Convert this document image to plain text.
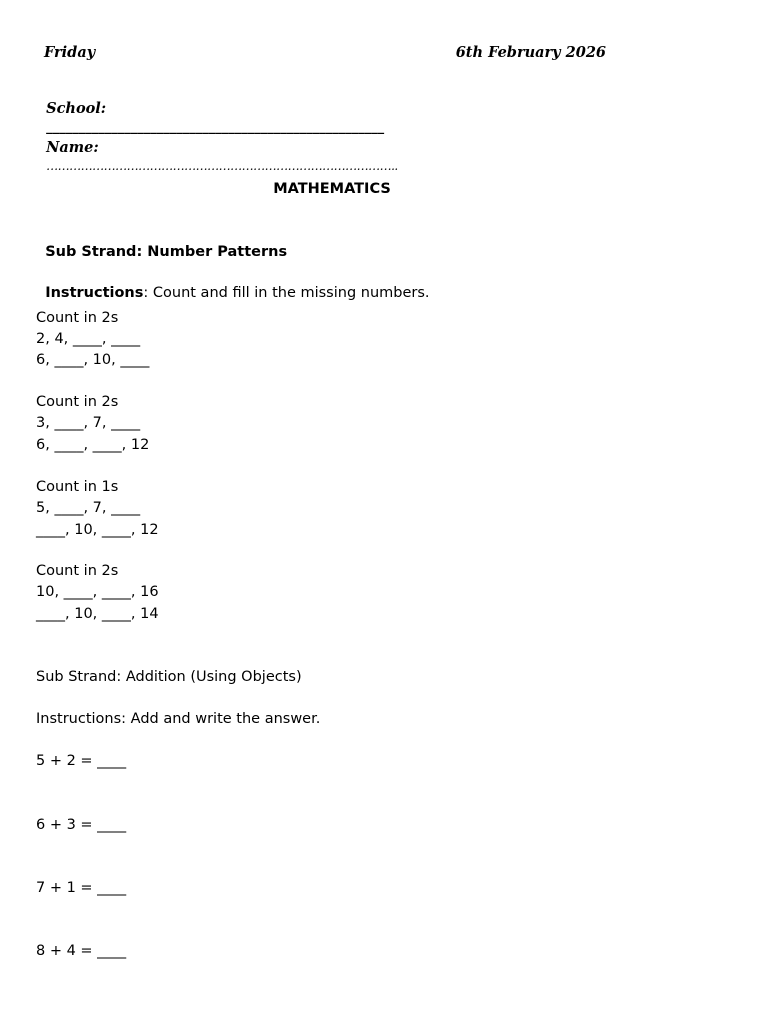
Friday	6th February 2026

School:
____________________________________________________

Name:
………………………………………………………………………………..

MATHEMATICS

Sub Strand: Number Patterns

Instructions: Count and fill in the missing numbers.

Count in 2s
2, 4, ____, ____
6, ____, 10, ____
Count in 2s
3, ____, 7, ____
6, ____, ____, 12
Count in 1s
5, ____, 7, ____
____, 10, ____, 12
Count in 2s
10, ____, ____, 16
____, 10, ____, 14
Sub Strand: Addition (Using Objects)
Instructions: Add and write the answer.
5 + 2 = ____
6 + 3 = ____
7 + 1 = ____
8 + 4 = ____
